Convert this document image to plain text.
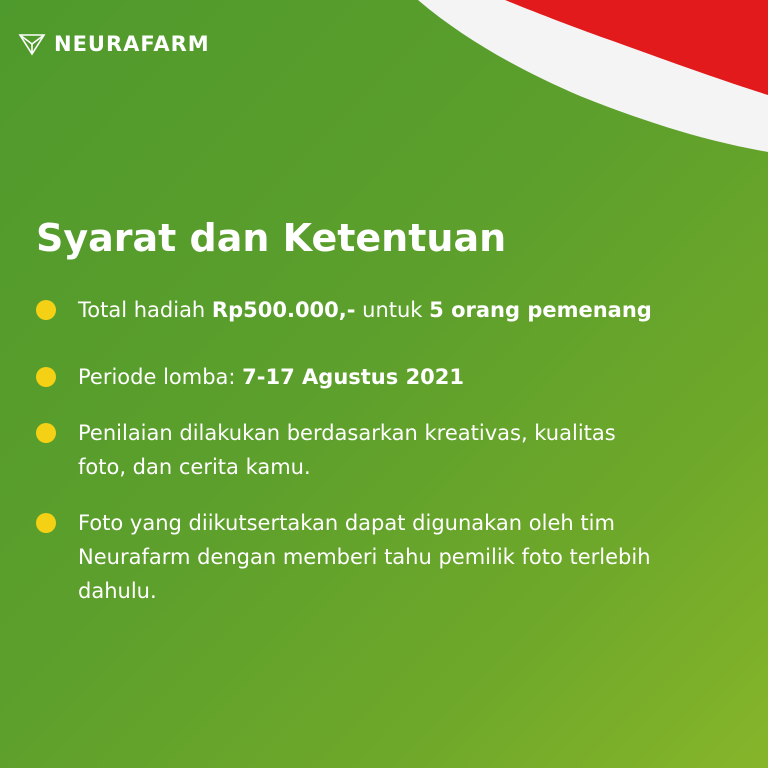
NEURAFARM
Syarat dan Ketentuan
Total hadiah Rp500.000,- untuk 5 orang pemenang
Periode lomba: 7-17 Agustus 2021
Penilaian dilakukan berdasarkan kreativas, kualitas
foto, dan cerita kamu.
Foto yang diikutsertakan dapat digunakan oleh tim
Neurafarm dengan memberi tahu pemilik foto terlebih
dahulu.
